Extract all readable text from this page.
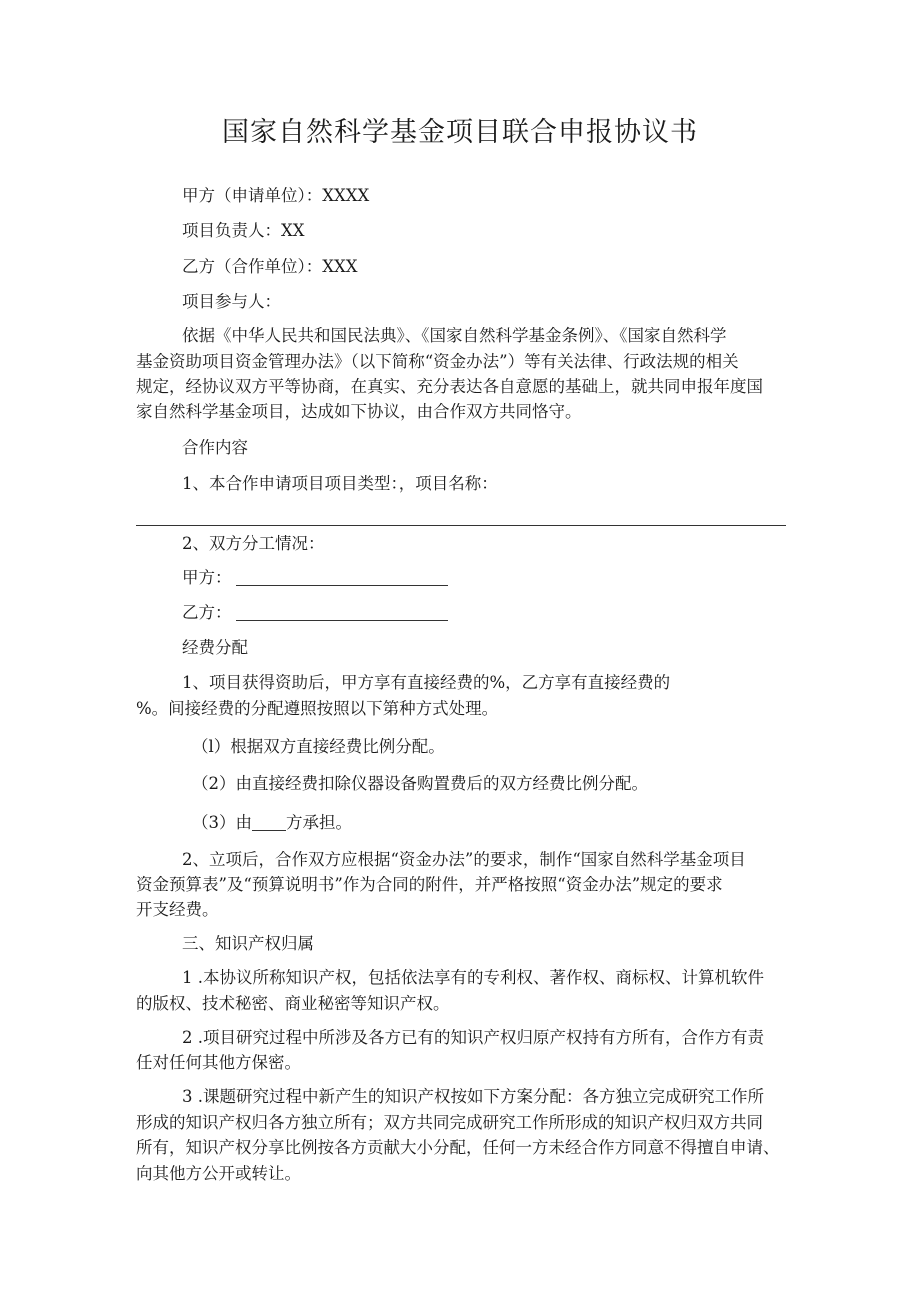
国家自然科学基金项目联合申报协议书
甲方（申请单位）：XXXX
项目负责人：XX
乙方（合作单位）：XXX
项目参与人：
依据《中华人民共和国民法典》、《国家自然科学基金条例》、《国家自然科学
基金资助项目资金管理办法》（以下简称“资金办法”）等有关法律、行政法规的相关
规定，经协议双方平等协商，在真实、充分表达各自意愿的基础上，就共同申报年度国
家自然科学基金项目，达成如下协议，由合作双方共同恪守。
合作内容
1、本合作申请项目项目类型：，项目名称：
2、双方分工情况：
甲方：
乙方：
经费分配
1、项目获得资助后，甲方享有直接经费的%，乙方享有直接经费的
%。间接经费的分配遵照按照以下第种方式处理。
（l）根据双方直接经费比例分配。
（2）由直接经费扣除仪器设备购置费后的双方经费比例分配。
（3）由 方承担。
2、立项后，合作双方应根据“资金办法”的要求，制作“国家自然科学基金项目
资金预算表”及“预算说明书”作为合同的附件，并严格按照“资金办法”规定的要求
开支经费。
三、知识产权归属
1 .本协议所称知识产权，包括依法享有的专利权、著作权、商标权、计算机软件
的版权、技术秘密、商业秘密等知识产权。
2 .项目研究过程中所涉及各方已有的知识产权归原产权持有方所有，合作方有责
任对任何其他方保密。
3 .课题研究过程中新产生的知识产权按如下方案分配：各方独立完成研究工作所
形成的知识产权归各方独立所有；双方共同完成研究工作所形成的知识产权归双方共同
所有，知识产权分享比例按各方贡献大小分配，任何一方未经合作方同意不得擅自申请、
向其他方公开或转让。
